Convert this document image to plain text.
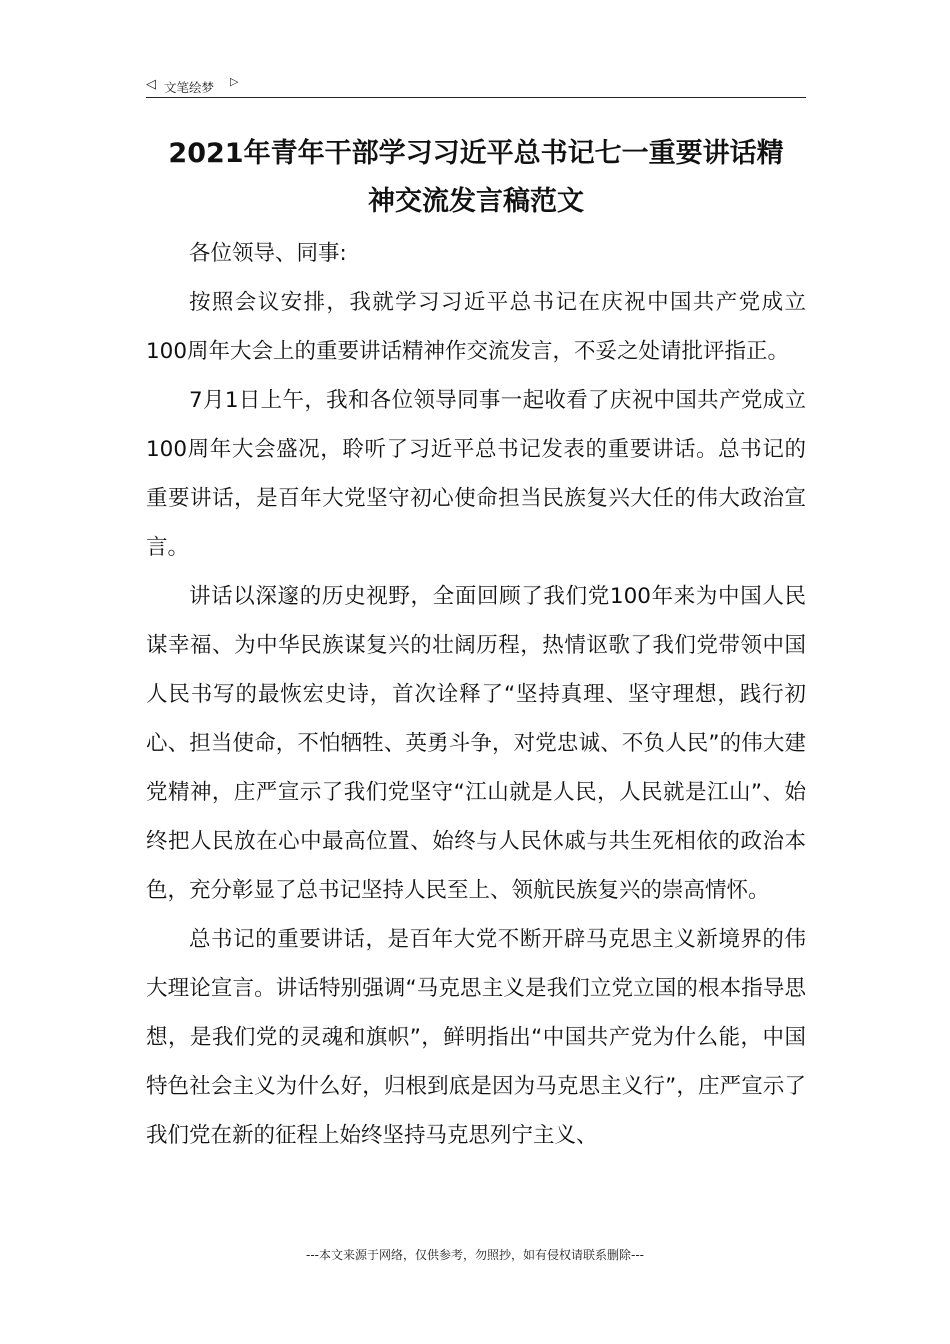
◁ 文笔绘梦 ▷
2021年青年干部学习习近平总书记七一重要讲话精
神交流发言稿范文

各位领导、同事:

按照会议安排，我就学习习近平总书记在庆祝中国共产党成立100周年大会上的重要讲话精神作交流发言，不妥之处请批评指正。

7月1日上午，我和各位领导同事一起收看了庆祝中国共产党成立100周年大会盛况，聆听了习近平总书记发表的重要讲话。总书记的重要讲话，是百年大党坚守初心使命担当民族复兴大任的伟大政治宣言。

讲话以深邃的历史视野，全面回顾了我们党100年来为中国人民谋幸福、为中华民族谋复兴的壮阔历程，热情讴歌了我们党带领中国人民书写的最恢宏史诗，首次诠释了“坚持真理、坚守理想，践行初心、担当使命，不怕牺牲、英勇斗争，对党忠诚、不负人民”的伟大建党精神，庄严宣示了我们党坚守“江山就是人民，人民就是江山”、始终把人民放在心中最高位置、始终与人民休戚与共生死相依的政治本色，充分彰显了总书记坚持人民至上、领航民族复兴的崇高情怀。

总书记的重要讲话，是百年大党不断开辟马克思主义新境界的伟大理论宣言。讲话特别强调“马克思主义是我们立党立国的根本指导思想，是我们党的灵魂和旗帜”，鲜明指出“中国共产党为什么能，中国特色社会主义为什么好，归根到底是因为马克思主义行”，庄严宣示了我们党在新的征程上始终坚持马克思列宁主义、

---本文来源于网络，仅供参考，勿照抄，如有侵权请联系删除---
